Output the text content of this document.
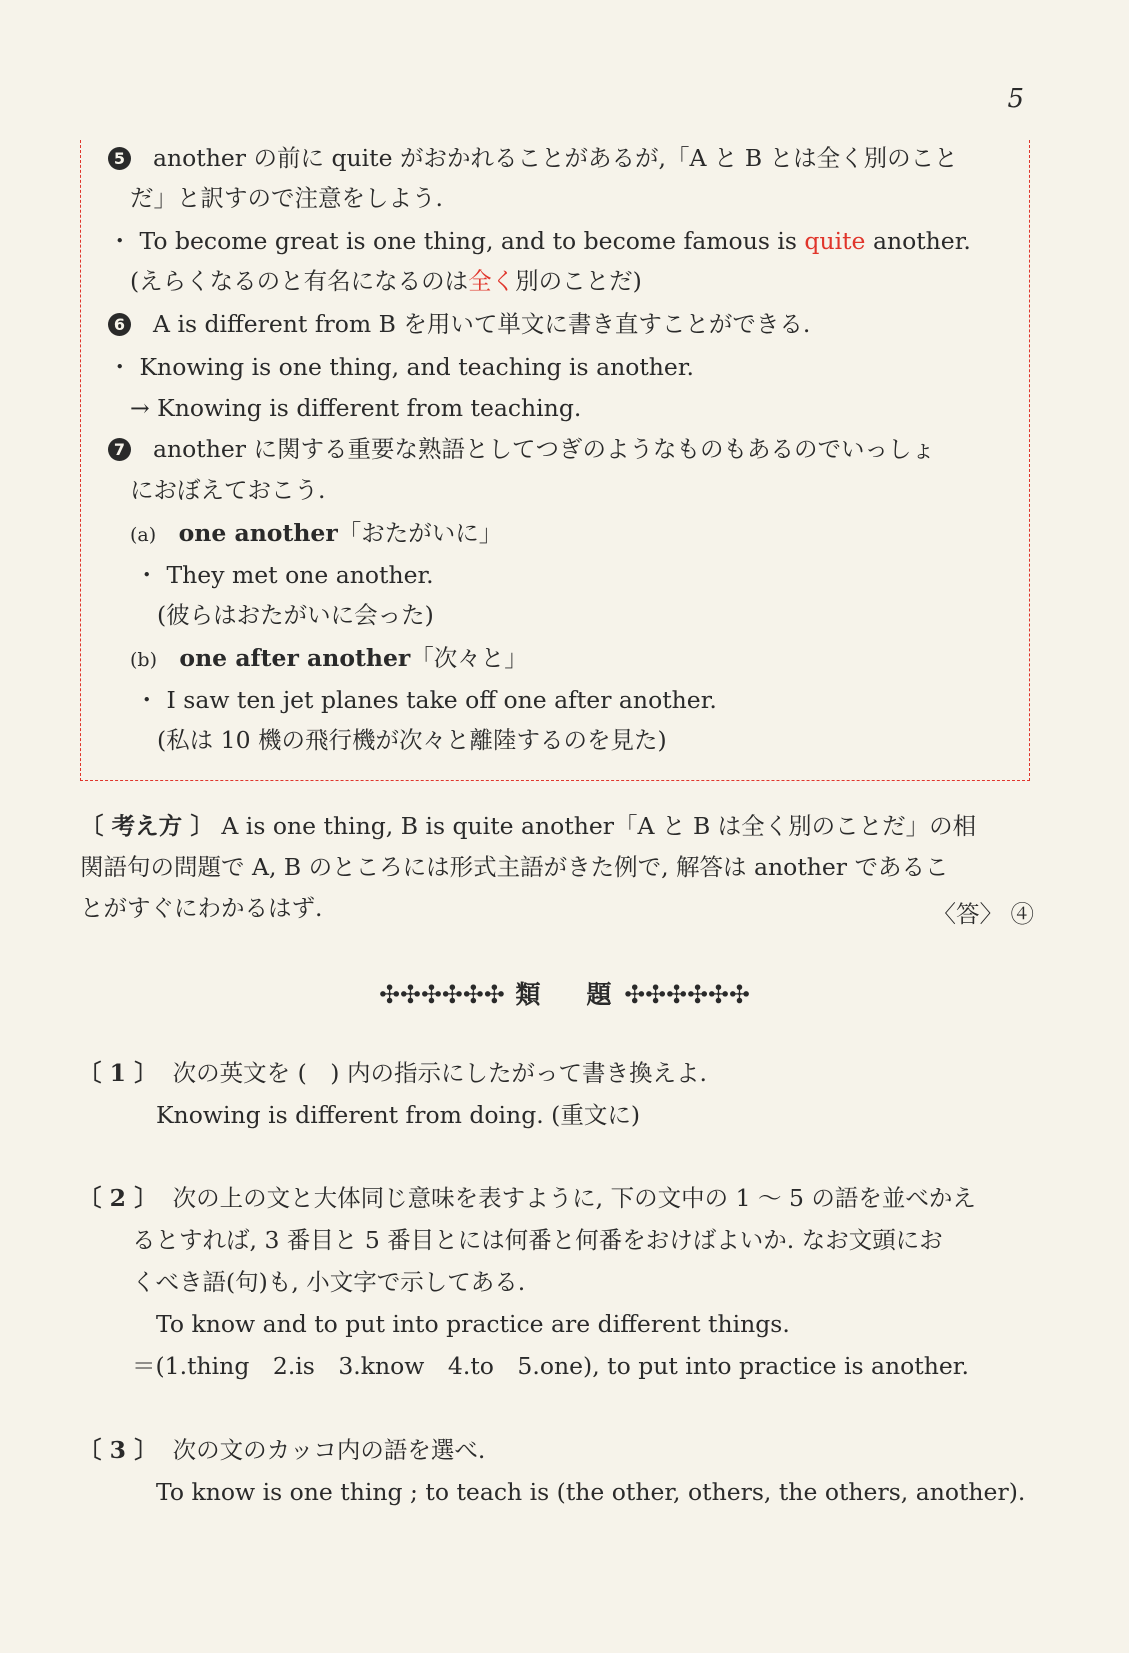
5
5 another の前に quite がおかれることがあるが,「A と B とは全く別のこと
だ」と訳すので注意をしよう.
・ To become great is one thing, and to become famous is quite another.
(えらくなるのと有名になるのは全く別のことだ)
6 A is different from B を用いて単文に書き直すことができる.
・ Knowing is one thing, and teaching is another.
→ Knowing is different from teaching.
7 another に関する重要な熟語としてつぎのようなものもあるのでいっしょ
におぼえておこう.
(a) one another「おたがいに」
・ They met one another.
(彼らはおたがいに会った)
(b) one after another「次々と」
・ I saw ten jet planes take off one after another.
(私は 10 機の飛行機が次々と離陸するのを見た)
〔 考え方 〕 A is one thing, B is quite another「A と B は全く別のことだ」の相
関語句の問題で A, B のところには形式主語がきた例で, 解答は another であるこ
とがすぐにわかるはず.	〈答〉 ④
✣✣✣✣✣✣ 類 題 ✣✣✣✣✣✣
〔 1 〕 次の英文を (　) 内の指示にしたがって書き換えよ.
Knowing is different from doing. (重文に)
〔 2 〕 次の上の文と大体同じ意味を表すように, 下の文中の 1 ～ 5 の語を並べかえ
るとすれば, 3 番目と 5 番目とには何番と何番をおけばよいか. なお文頭にお
くべき語(句)も, 小文字で示してある.
To know and to put into practice are different things.
＝(1.thing　2.is　3.know　4.to　5.one), to put into practice is another.
〔 3 〕 次の文のカッコ内の語を選べ.
To know is one thing ; to teach is (the other, others, the others, another).
